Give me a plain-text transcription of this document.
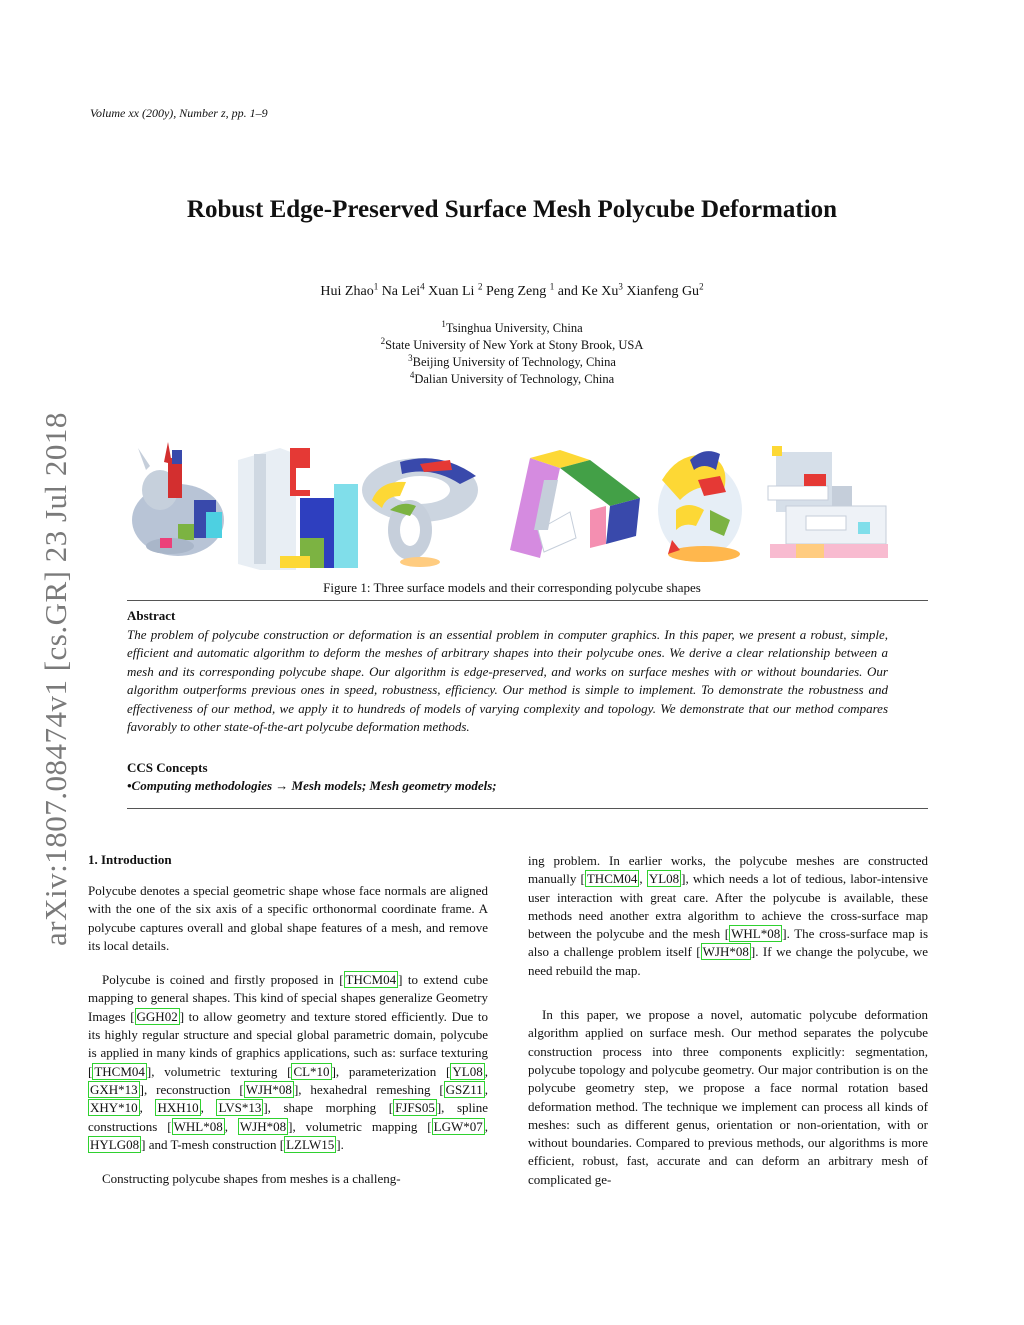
Volume xx (200y), Number z, pp. 1–9
Robust Edge-Preserved Surface Mesh Polycube Deformation
Hui Zhao$^1$ Na Lei$^4$ Xuan Li $^2$ Peng Zeng $^1$ and Ke Xu$^3$ Xianfeng Gu$^2$
$^1$Tsinghua University, China
$^2$State University of New York at Stony Brook, USA
$^3$Beijing University of Technology, China
$^4$Dalian University of Technology, China
arXiv:1807.08474v1 [cs.GR] 23 Jul 2018	Figure 1: Three surface models and their corresponding polycube shapes
Abstract
The problem of polycube construction or deformation is an essential problem in computer graphics. In this paper, we present a robust, simple, efficient and automatic algorithm to deform the meshes of arbitrary shapes into their polycube ones. We derive a clear relationship between a mesh and its corresponding polycube shape. Our algorithm is edge-preserved, and works on surface meshes with or without boundaries. Our algorithm outperforms previous ones in speed, robustness, efficiency. Our method is simple to implement. To demonstrate the robustness and effectiveness of our method, we apply it to hundreds of models of varying complexity and topology. We demonstrate that our method compares favorably to other state-of-the-art polycube deformation methods.
CCS Concepts
•Computing methodologies → Mesh models; Mesh geometry models;
1. Introduction

Polycube denotes a special geometric shape whose face normals are aligned with the one of the six axis of a specific orthonormal coordinate frame. A polycube captures overall and global shape features of a mesh, and remove its local details.

Polycube is coined and firstly proposed in [ THCM04 ] to extend cube mapping to general shapes. This kind of special shapes generalize Geometry Images [ GGH02 ] to allow geometry and texture stored efficiently. Due to its highly regular structure and special global parametric domain, polycube is applied in many kinds of graphics applications, such as: surface texturing [ THCM04 ], volumetric texturing [ CL*10 ], parameterization [ YL08 , GXH*13 ], reconstruction [ WJH*08 ], hexahedral remeshing [ GSZ11 , XHY*10 , HXH10 , LVS*13 ], shape morphing [ FJFS05 ], spline constructions [ WHL*08 , WJH*08 ], volumetric mapping [ LGW*07 , HYLG08 ] and T-mesh construction [ LZLW15 ].

Constructing polycube shapes from meshes is a challeng-

ing problem. In earlier works, the polycube meshes are constructed manually [ THCM04 , YL08 ], which needs a lot of tedious, labor-intensive user interaction with great care. After the polycube is available, these methods need another extra algorithm to achieve the cross-surface map between the polycube and the mesh [ WHL*08 ]. The cross-surface map is also a challenge problem itself [ WJH*08 ]. If we change the polycube, we need rebuild the map.

In this paper, we propose a novel, automatic polycube deformation algorithm applied on surface mesh. Our method separates the polycube construction process into three components explicitly: segmentation, polycube topology and polycube geometry. Our major contribution is on the polycube geometry step, we propose a face normal rotation based deformation method. The technique we implement can process all kinds of meshes: such as different genus, orientation or non-orientation, with or without boundaries. Compared to previous methods, our algorithms is more efficient, robust, fast, accurate and can deform an arbitrary mesh of complicated ge-
